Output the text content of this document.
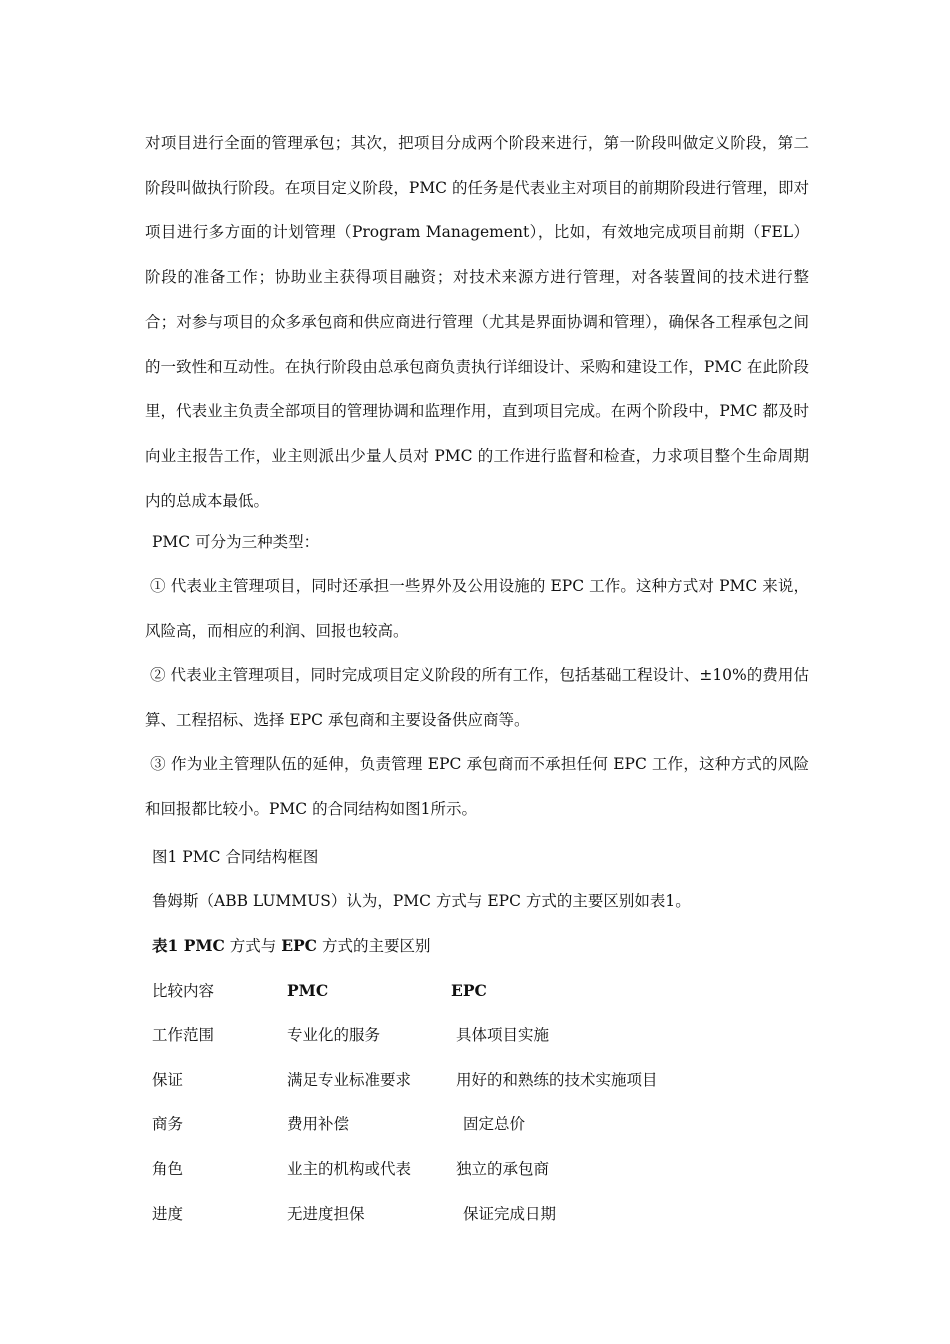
对项目进行全面的管理承包；其次，把项目分成两个阶段来进行，第一阶段叫做定义阶段，第二阶段叫做执行阶段。在项目定义阶段，PMC 的任务是代表业主对项目的前期阶段进行管理，即对项目进行多方面的计划管理（Program Management），比如，有效地完成项目前期（FEL）阶段的准备工作；协助业主获得项目融资；对技术来源方进行管理，对各装置间的技术进行整合；对参与项目的众多承包商和供应商进行管理（尤其是界面协调和管理），确保各工程承包之间的一致性和互动性。在执行阶段由总承包商负责执行详细设计、采购和建设工作，PMC 在此阶段里，代表业主负责全部项目的管理协调和监理作用，直到项目完成。在两个阶段中，PMC 都及时向业主报告工作，业主则派出少量人员对 PMC 的工作进行监督和检查，力求项目整个生命周期内的总成本最低。

PMC 可分为三种类型：

① 代表业主管理项目，同时还承担一些界外及公用设施的 EPC 工作。这种方式对 PMC 来说，风险高，而相应的利润、回报也较高。

② 代表业主管理项目，同时完成项目定义阶段的所有工作，包括基础工程设计、±10%的费用估算、工程招标、选择 EPC 承包商和主要设备供应商等。

③ 作为业主管理队伍的延伸，负责管理 EPC 承包商而不承担任何 EPC 工作，这种方式的风险和回报都比较小。PMC 的合同结构如图1所示。

图1 PMC 合同结构框图

鲁姆斯（ABB LUMMUS）认为，PMC 方式与 EPC 方式的主要区别如表1。

表1 PMC 方式与 EPC 方式的主要区别

比较内容	PMC	EPC
工作范围	专业化的服务	具体项目实施
保证	满足专业标准要求	用好的和熟练的技术实施项目
商务	费用补偿	固定总价
角色	业主的机构或代表	独立的承包商
进度	无进度担保	保证完成日期
